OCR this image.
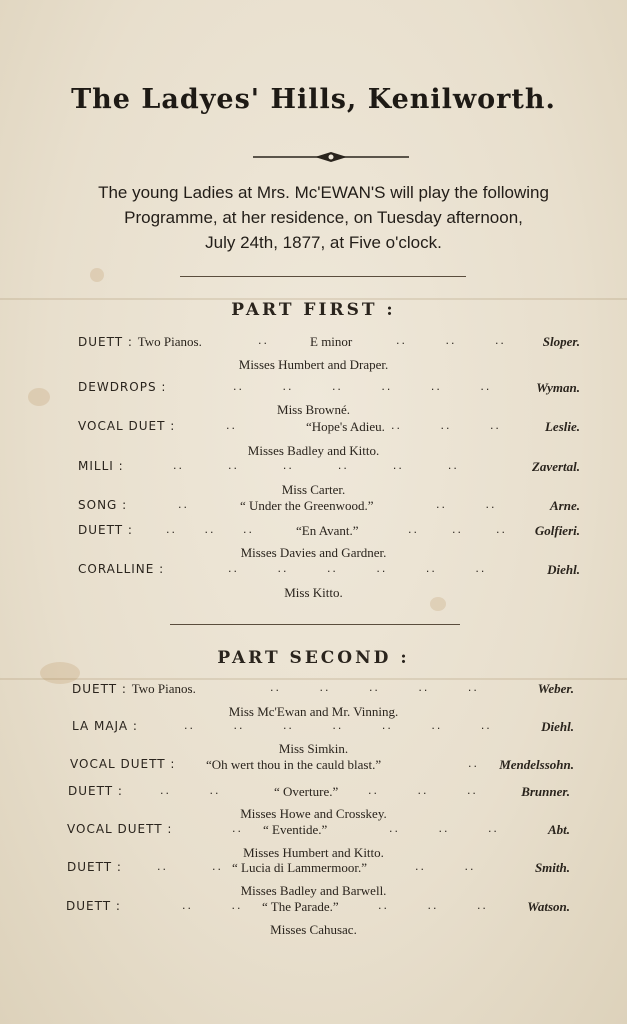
The Ladyes' Hills, Kenilworth.
The young Ladies at Mrs. Mc'EWAN'S will play the following
Programme, at her residence, on Tuesday afternoon,
July 24th, 1877, at Five o'clock.
PART FIRST :
DUETT : Two Pianos.	..	E minor	..       ..       ..	Sloper.
Misses Humbert and Draper.
DEWDROPS :	..       ..       ..       ..       ..       ..	Wyman.
Miss Browné.
VOCAL DUET :	..	“Hope's Adieu. ..       ..       ..	Leslie.
Misses Badley and Kitto.
MILLI :	..        ..        ..        ..        ..        ..	Zavertal.
Miss Carter.
SONG :	..	“ Under the Greenwood.”	..       ..	Arne.
DUETT :	..     ..     ..	“En Avant.”	..      ..      .. Golfieri.
Misses Davies and Gardner.
CORALLINE :	..       ..       ..       ..       ..       ..	Diehl.
Miss Kitto.
PART SECOND :
DUETT : Two Pianos.	..       ..       ..       ..       ..	Weber.
Miss Mc'Ewan and Mr. Vinning.
LA MAJA :	..       ..       ..       ..       ..       ..       ..	Diehl.
Miss Simkin.
VOCAL DUETT : “Oh wert thou in the cauld blast.”	.. Mendelssohn.
DUETT :	..       ..	“ Overture.”	..       ..       ..	Brunner.
Misses Howe and Crosskey.
VOCAL DUETT :	.. “ Eventide.”	..       ..       ..	Abt.
Misses Humbert and Kitto.
DUETT :	..        .. “ Lucia di Lammermoor.”	..       ..	Smith.
Misses Badley and Barwell.
DUETT :	..       .. “ The Parade.”	..       ..       ..	Watson.
Misses Cahusac.
